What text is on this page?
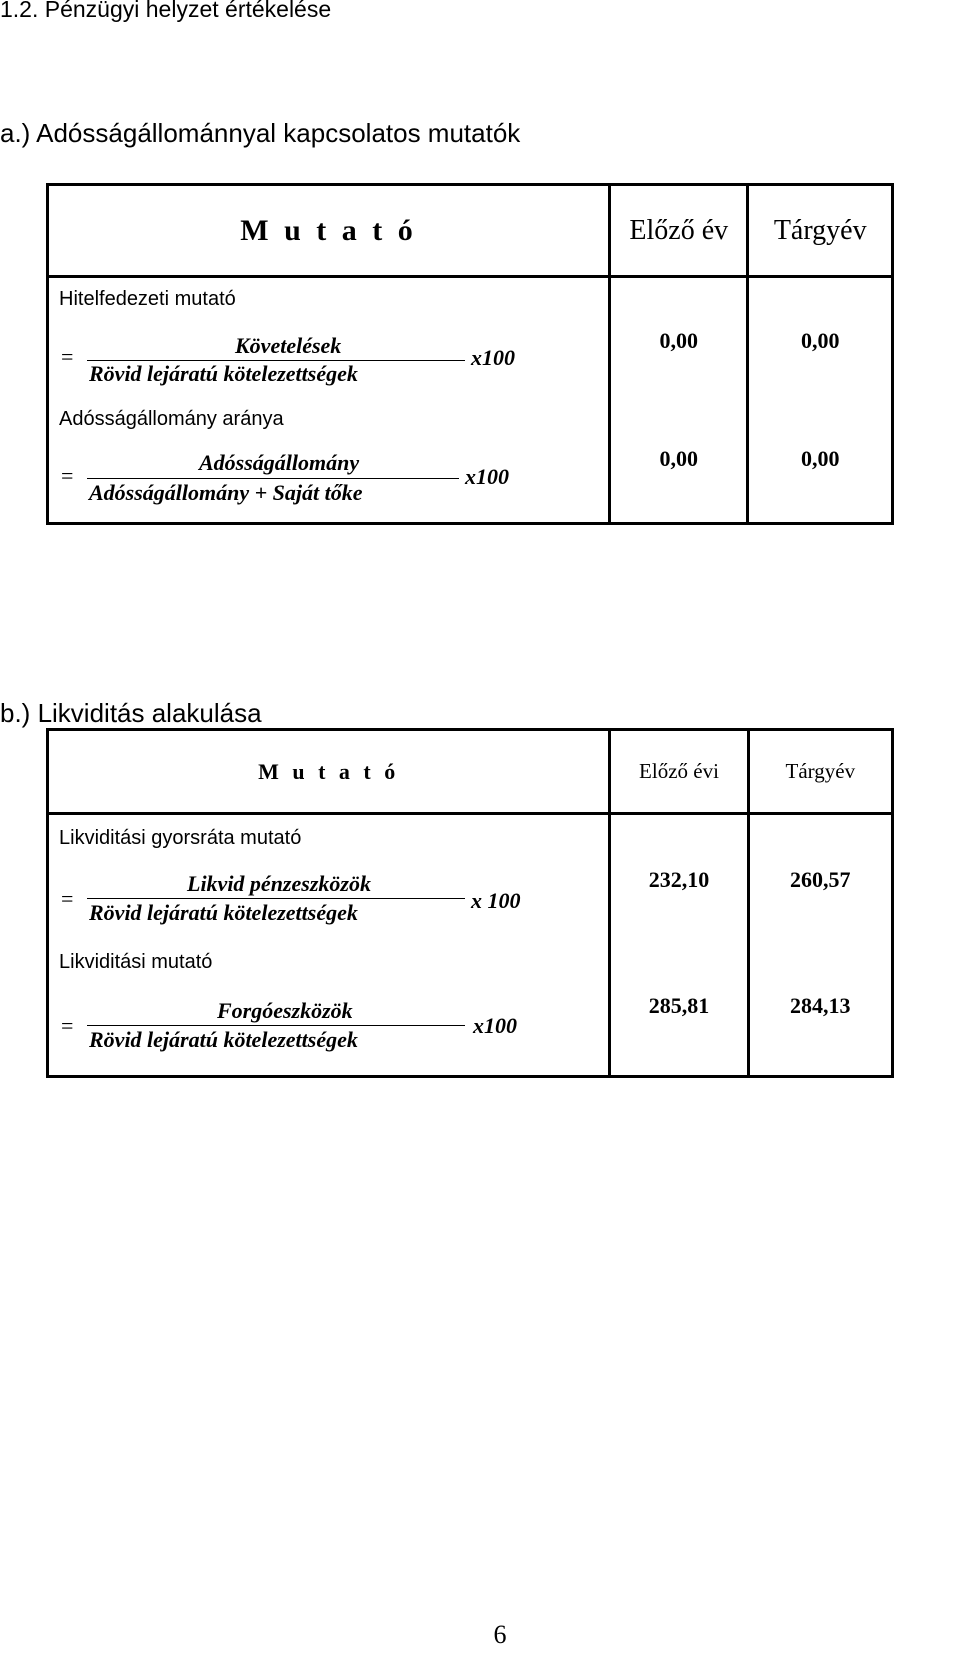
1.2. Pénzügyi helyzet értékelése
a.) Adósságállománnyal kapcsolatos mutatók
M u t a t ó	Előző év	Tárgyév

Hitelfedezeti mutató
= Követelések
Rövid lejáratú kötelezettségek
x100	0,00	0,00

Adósságállomány aránya
=
Adósságállomány
Adósságállomány + Saját tőke
x100	0,00	0,00
b.) Likviditás alakulása
M u t a t ó	Előző évi	Tárgyév

Likviditási gyorsráta mutató
=
Likvid pénzeszközök
Rövid lejáratú kötelezettségek x 100	232,10	260,57

Likviditási mutató
=
Forgóeszközök
Rövid lejáratú kötelezettségek
x100	285,81	284,13
6
